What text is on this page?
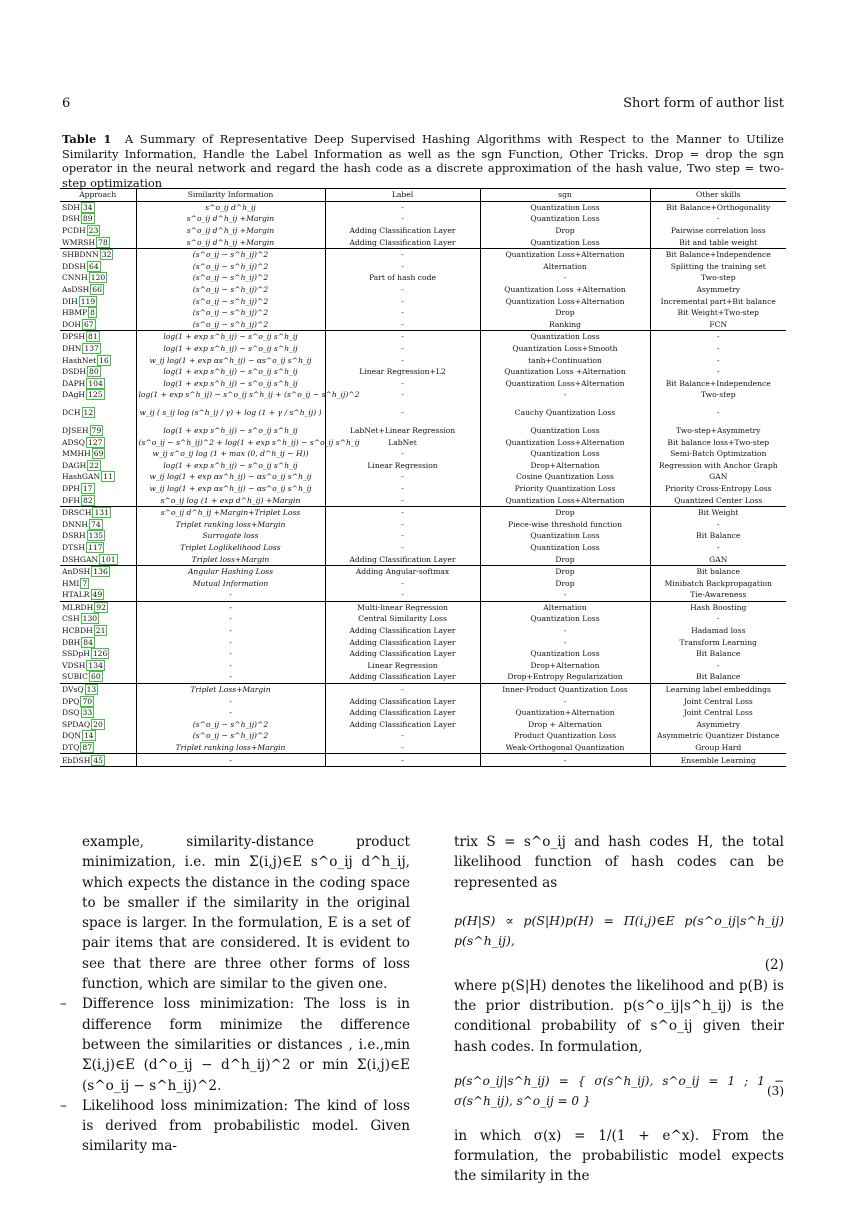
6	Short form of author list
Table 1 A Summary of Representative Deep Supervised Hashing Algorithms with Respect to the Manner to Utilize Similarity Information, Handle the Label Information as well as the sgn Function, Other Tricks. Drop = drop the sgn operator in the neural network and regard the hash code as a discrete approximation of the hash value, Two step = two-step optimization
Approach	Similarity Information	Label	sgn	Other skills
SDH 34	s^o_ij d^h_ij	-	Quantization Loss	Bit Balance+Orthogonality
DSH 89	s^o_ij d^h_ij +Margin	-	Quantization Loss	-
PCDH 23	s^o_ij d^h_ij +Margin	Adding Classification Layer	Drop	Pairwise correlation loss
WMRSH 78	s^o_ij d^h_ij +Margin	Adding Classification Layer	Quantization Loss	Bit and table weight
SHBDNN 32	(s^o_ij − s^h_ij)^2	-	Quantization Loss+Alternation	Bit Balance+Independence
DDSH 64	(s^o_ij − s^h_ij)^2	-	Alternation	Splitting the training set
CNNH 120	(s^o_ij − s^h_ij)^2	Part of hash code	-	Two-step
AsDSH 66	(s^o_ij − s^h_ij)^2	-	Quantization Loss +Alternation	Asymmetry
DIH 119	(s^o_ij − s^h_ij)^2	-	Quantization Loss+Alternation	Incremental part+Bit balance
HBMP 8	(s^o_ij − s^h_ij)^2	-	Drop	Bit Weight+Two-step
DOH 67	(s^o_ij − s^h_ij)^2	-	Ranking	FCN
DPSH 81	log(1 + exp s^h_ij) − s^o_ij s^h_ij	-	Quantization Loss	-
DHN 137	log(1 + exp s^h_ij) − s^o_ij s^h_ij	-	Quantization Loss+Smooth	-
HashNet 16	w_ij log(1 + exp αs^h_ij) − αs^o_ij s^h_ij	-	tanh+Continuation	-
DSDH 80	log(1 + exp s^h_ij) − s^o_ij s^h_ij	Linear Regression+L2	Quantization Loss +Alternation	-
DAPH 104	log(1 + exp s^h_ij) − s^o_ij s^h_ij	-	Quantization Loss+Alternation	Bit Balance+Independence
DAgH 125	log(1 + exp s^h_ij) − s^o_ij s^h_ij + (s^o_ij − s^h_ij)^2	-	-	Two-step
DCH 12	w_ij ( s_ij log (s^h_ij / γ) + log (1 + γ / s^h_ij) )	-	Cauchy Quantization Loss	-
DJSEH 79	log(1 + exp s^h_ij) − s^o_ij s^h_ij	LabNet+Linear Regression	Quantization Loss	Two-step+Asymmetry
ADSQ 127	(s^o_ij − s^h_ij)^2 + log(1 + exp s^h_ij) − s^o_ij s^h_ij	LabNet	Quantization Loss+Alternation	Bit balance loss+Two-step
MMHH 69	w_ij s^o_ij log (1 + max (0, d^h_ij − H))	-	Quantization Loss	Semi-Batch Optimization
DAGH 22	log(1 + exp s^h_ij) − s^o_ij s^h_ij	Linear Regression	Drop+Alternation	Regression with Anchor Graph
HashGAN 11	w_ij log(1 + exp αs^h_ij) − αs^o_ij s^h_ij	-	Cosine Quantization Loss	GAN
DPH 17	w_ij log(1 + exp αs^h_ij) − αs^o_ij s^h_ij	-	Priority Quantization Loss	Priority Cross-Entropy Loss
DFH 82	s^o_ij log (1 + exp d^h_ij) +Margin	-	Quantization Loss+Alternation	Quantized Center Loss
DRSCH 131	s^o_ij d^h_ij +Margin+Triplet Loss	-	Drop	Bit Weight
DNNH 74	Triplet ranking loss+Margin	-	Piece-wise threshold function	-
DSRH 135	Surrogate loss	-	Quantization Loss	Bit Balance
DTSH 117	Triplet Loglikelihood Loss	-	Quantization Loss	-
DSHGAN 101	Triplet loss+Margin	Adding Classification Layer	Drop	GAN
AnDSH 136	Angular Hashing Loss	Adding Angular-softmax	Drop	Bit balance
HMI 7	Mutual Information	-	Drop	Minibatch Backpropagation
HTALR 49	-	-	-	Tie-Awareness
MLRDH 92	-	Multi-linear Regression	Alternation	Hash Boosting
CSH 130	-	Central Similarity Loss	Quantization Loss	-
HCBDH 21	-	Adding Classification Layer	-	Hadamad loss
DBH 84	-	Adding Classification Layer	-	Transform Learning
SSDpH 126	-	Adding Classification Layer	Quantization Loss	Bit Balance
VDSH 134	-	Linear Regression	Drop+Alternation	-
SUBIC 60	-	Adding Classification Layer	Drop+Entropy Regularization	Bit Balance
DVsQ 13	Triplet Loss+Margin	-	Inner-Product Quantization Loss	Learning label embeddings
DPQ 70	-	Adding Classification Layer	-	Joint Central Loss
DSQ 33	-	Adding Classification Layer	Quantization+Alternation	Joint Central Loss
SPDAQ 20	(s^o_ij − s^h_ij)^2	Adding Classification Layer	Drop + Alternation	Asymmetry
DQN 14	(s^o_ij − s^h_ij)^2	-	Product Quantization Loss	Asymmetric Quantizer Distance
DTQ 87	Triplet ranking loss+Margin	-	Weak-Orthogonal Quantization	Group Hard
EbDSH 45	-	-	-	Ensemble Learning
example, similarity-distance product minimization, i.e. min Σ(i,j)∈E s^o_ij d^h_ij, which expects the distance in the coding space to be smaller if the similarity in the original space is larger. In the formulation, E is a set of pair items that are considered. It is evident to see that there are three other forms of loss function, which are similar to the given one.
–	Difference loss minimization: The loss is in difference form minimize the difference between the similarities or distances , i.e.,min Σ(i,j)∈E (d^o_ij − d^h_ij)^2 or min Σ(i,j)∈E (s^o_ij − s^h_ij)^2.
–	Likelihood loss minimization: The kind of loss is derived from probabilistic model. Given similarity ma-
trix S = s^o_ij and hash codes H, the total likelihood function of hash codes can be represented as
p(H|S) ∝ p(S|H)p(H) = Π(i,j)∈E p(s^o_ij|s^h_ij) p(s^h_ij),
(2)
where p(S|H) denotes the likelihood and p(B) is the prior distribution. p(s^o_ij|s^h_ij) is the conditional probability of s^o_ij given their hash codes. In formulation,
p(s^o_ij|s^h_ij) = { σ(s^h_ij), s^o_ij = 1 ; 1 − σ(s^h_ij), s^o_ij = 0 }
(3)
in which σ(x) = 1/(1 + e^x). From the formulation, the probabilistic model expects the similarity in the
